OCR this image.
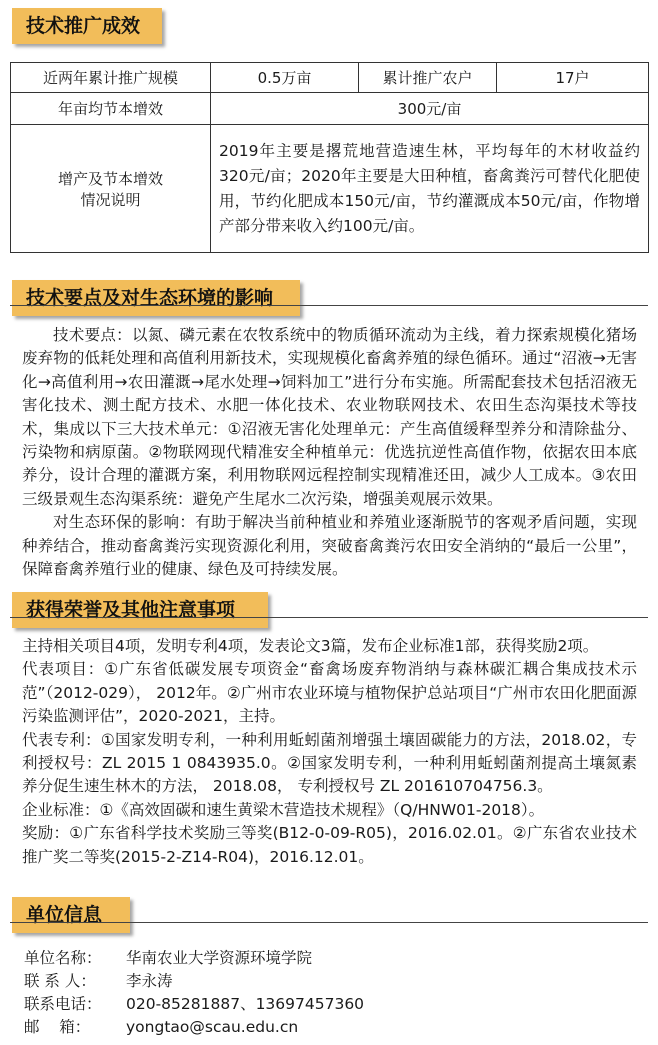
技术推广成效
近两年累计推广规模	0.5万亩	累计推广农户	17户
年亩均节本增效	300元/亩		

增产及节本增效
情况说明	2019年主要是撂荒地营造速生林，平均每年的木材收益约320元/亩；2020年主要是大田种植，畜禽粪污可替代化肥使用，节约化肥成本150元/亩，节约灌溉成本50元/亩，作物增产部分带来收入约100元/亩。		
技术要点及对生态环境的影响

技术要点：以氮、磷元素在农牧系统中的物质循环流动为主线，着力探索规模化猪场废弃物的低耗处理和高值利用新技术，实现规模化畜禽养殖的绿色循环。通过“沼液→无害化→高值利用→农田灌溉→尾水处理→饲料加工”进行分布实施。所需配套技术包括沼液无害化技术、测土配方技术、水肥一体化技术、农业物联网技术、农田生态沟渠技术等技术，集成以下三大技术单元：①沼液无害化处理单元：产生高值缓释型养分和清除盐分、污染物和病原菌。②物联网现代精准安全种植单元：优选抗逆性高值作物，依据农田本底养分，设计合理的灌溉方案，利用物联网远程控制实现精准还田，减少人工成本。③农田三级景观生态沟渠系统：避免产生尾水二次污染，增强美观展示效果。

对生态环保的影响：有助于解决当前种植业和养殖业逐渐脱节的客观矛盾问题，实现种养结合，推动畜禽粪污实现资源化利用，突破畜禽粪污农田安全消纳的“最后一公里”，保障畜禽养殖行业的健康、绿色及可持续发展。

获得荣誉及其他注意事项

主持相关项目4项，发明专利4项，发表论文3篇，发布企业标准1部，获得奖励2项。

代表项目：①广东省低碳发展专项资金“畜禽场废弃物消纳与森林碳汇耦合集成技术示范”（2012-029）， 2012年。②广州市农业环境与植物保护总站项目“广州市农田化肥面源污染监测评估”，2020-2021，主持。

代表专利：①国家发明专利，一种利用蚯蚓菌剂增强土壤固碳能力的方法，2018.02，专利授权号：ZL 2015 1 0843935.0。②国家发明专利，一种利用蚯蚓菌剂提高土壤氮素养分促生速生林木的方法， 2018.08， 专利授权号 ZL 201610704756.3。

企业标准：①《高效固碳和速生黄梁木营造技术规程》（Q/HNW01-2018）。

奖励：①广东省科学技术奖励三等奖(B12-0-09-R05)，2016.02.01。②广东省农业技术推广奖二等奖(2015-2-Z14-R04)，2016.12.01。

单位信息
单位名称：	华南农业大学资源环境学院
联 系 人：	李永涛
联系电话：	020-85281887、13697457360
邮    箱：	yongtao@scau.edu.cn
